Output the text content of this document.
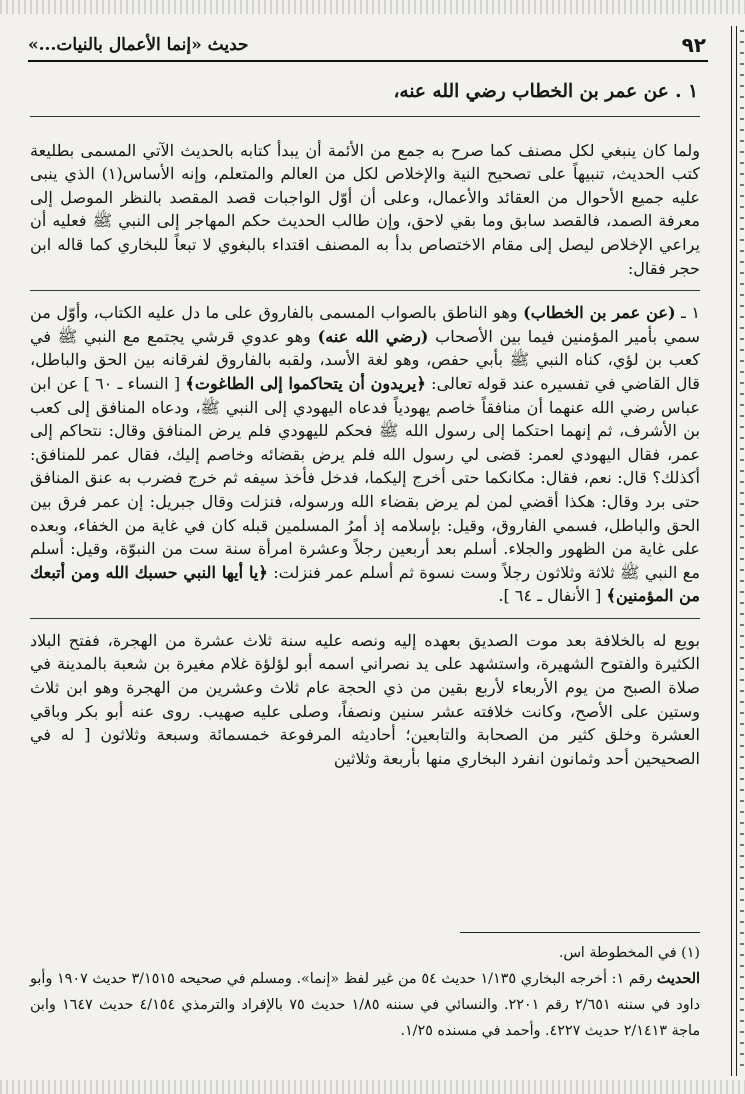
٩٢
حديث «إنما الأعمال بالنيات...»
١ . عن عمر بن الخطاب رضي الله عنه،

ولما كان ينبغي لكل مصنف كما صرح به جمع من الأئمة أن يبدأ كتابه بالحديث الآتي المسمى بطليعة كتب الحديث، تنبيهاً على تصحيح النية والإخلاص لكل من العالم والمتعلم، وإنه الأساس(١) الذي ينبى عليه جميع الأحوال من العقائد والأعمال، وعلى أن أوّل الواجبات قصد المقصد بالنظر الموصل إلى معرفة الصمد، فالقصد سابق وما بقي لاحق، وإن طالب الحديث حكم المهاجر إلى النبي ﷺ فعليه أن يراعي الإخلاص ليصل إلى مقام الاختصاص بدأ به المصنف اقتداء بالبغوي لا تبعاً للبخاري كما قاله ابن حجر فقال:

١ ـ (عن عمر بن الخطاب) وهو الناطق بالصواب المسمى بالفاروق على ما دل عليه الكتاب، وأوّل من سمي بأمير المؤمنين فيما بين الأصحاب (رضي الله عنه) وهو عدوي قرشي يجتمع مع النبي ﷺ في كعب بن لؤي، كناه النبي ﷺ بأبي حفص، وهو لغة الأسد، ولقبه بالفاروق لفرقانه بين الحق والباطل، قال القاضي في تفسيره عند قوله تعالى: ﴿يريدون أن يتحاكموا إلى الطاغوت﴾ [ النساء ـ ٦٠ ] عن ابن عباس رضي الله عنهما أن منافقاً خاصم يهودياً فدعاه اليهودي إلى النبي ﷺ، ودعاه المنافق إلى كعب بن الأشرف، ثم إنهما احتكما إلى رسول الله ﷺ فحكم لليهودي فلم يرض المنافق وقال: نتحاكم إلى عمر، فقال اليهودي لعمر: قضى لي رسول الله فلم يرض بقضائه وخاصم إليك، فقال عمر للمنافق: أكذلك؟ قال: نعم، فقال: مكانكما حتى أخرج إليكما، فدخل فأخذ سيفه ثم خرج فضرب به عنق المنافق حتى برد وقال: هكذا أقضي لمن لم يرض بقضاء الله ورسوله، فنزلت وقال جبريل: إن عمر فرق بين الحق والباطل، فسمي الفاروق، وقيل: بإسلامه إذ أمرُ المسلمين قبله كان في غاية من الخفاء، وبعده على غاية من الظهور والجلاء. أسلم بعد أربعين رجلاً وعشرة امرأة سنة ست من النبوّة، وقيل: أسلم مع النبي ﷺ ثلاثة وثلاثون رجلاً وست نسوة ثم أسلم عمر فنزلت: ﴿يا أيها النبي حسبك الله ومن أتبعك من المؤمنين﴾ [ الأنفال ـ ٦٤ ].

بويع له بالخلافة بعد موت الصديق بعهده إليه ونصه عليه سنة ثلاث عشرة من الهجرة، ففتح البلاد الكثيرة والفتوح الشهيرة، واستشهد على يد نصراني اسمه أبو لؤلؤة غلام مغيرة بن شعبة بالمدينة في صلاة الصبح من يوم الأربعاء لأربع بقين من ذي الحجة عام ثلاث وعشرين من الهجرة وهو ابن ثلاث وستين على الأصح، وكانت خلافته عشر سنين ونصفاً، وصلى عليه صهيب. روى عنه أبو بكر وباقي العشرة وخلق كثير من الصحابة والتابعين؛ أحاديثه المرفوعة خمسمائة وسبعة وثلاثون [ له في الصحيحين أحد وثمانون انفرد البخاري منها بأربعة وثلاثين

(١) في المخطوطة اس.
الحديث رقم ١: أخرجه البخاري ١/١٣٥ حديث ٥٤ من غير لفظ «إنما». ومسلم في صحيحه ٣/١٥١٥ حديث ١٩٠٧ وأبو داود في سننه ٢/٦٥١ رقم ٢٢٠١. والنسائي في سننه ١/٨٥ حديث ٧٥ بالإفراد والترمذي ٤/١٥٤ حديث ١٦٤٧ وابن ماجة ٢/١٤١٣ حديث ٤٢٢٧. وأحمد في مسنده ١/٢٥.
